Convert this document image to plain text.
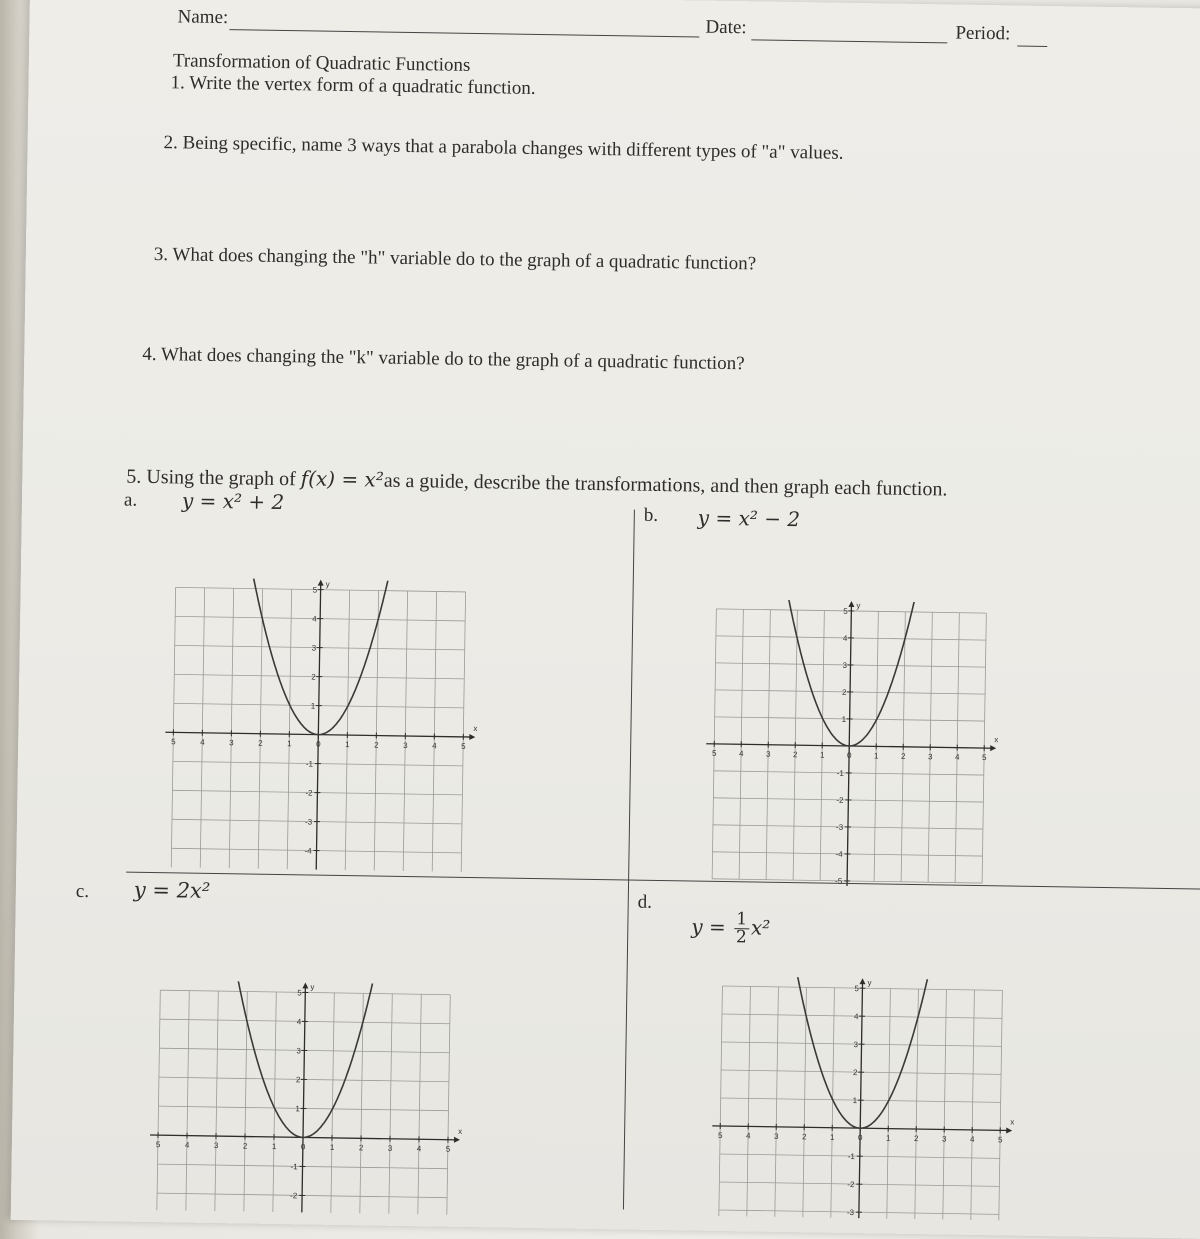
Name:	Date:	Period:
Transformation of Quadratic Functions
1. Write the vertex form of a quadratic function.
2. Being specific, name 3 ways that a parabola changes with different types of "a" values.
3. What does changing the "h" variable do to the graph of a quadratic function?
4. What does changing the "k" variable do to the graph of a quadratic function?
5. Using the graph of f(x) = x²as a guide, describe the transformations, and then graph each function.
a. y = x² + 2
b. y = x² − 2
c. y = 2x²	d.
$y = \frac{1}{2} x^2$
x
y
5	4	3	2	1	0	1	2	3	4	5
5
4
3
2
1
-1
-2
-3
-4
x
y
5	4	3	2	1	0	1	2	3	4	5
5
4
3
2
1
-1
-2
-3
-4
-5
x
y
5	4	3	2	1	0	1	2	3	4	5
5
4
3
2
1
-1
-2
x
y
5	4	3	2	1	0	1	2	3	4	5
5
4
3
2
1
-1
-2
-3
